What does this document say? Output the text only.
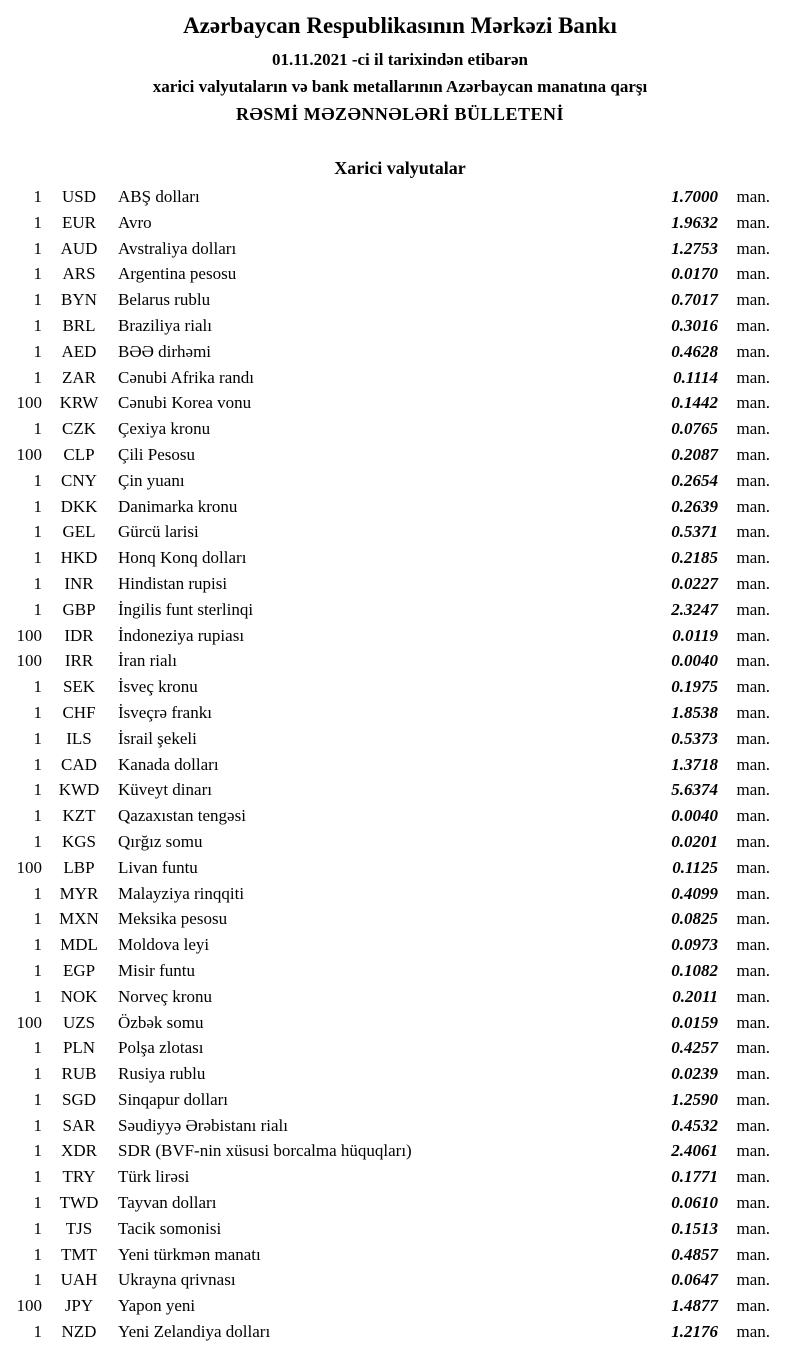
Azərbaycan Respublikasının Mərkəzi Bankı
01.11.2021 -ci il tarixindən etibarən
xarici valyutaların və bank metallarının Azərbaycan manatına qarşı
RƏSMİ MƏZƏNNƏLƏRİ BÜLLETENİ
Xarici valyutalar
1	USD	ABŞ dolları	1.7000	man.
1	EUR	Avro	1.9632	man.
1	AUD	Avstraliya dolları	1.2753	man.
1	ARS	Argentina pesosu	0.0170	man.
1	BYN	Belarus rublu	0.7017	man.
1	BRL	Braziliya rialı	0.3016	man.
1	AED	BƏƏ dirhəmi	0.4628	man.
1	ZAR	Cənubi Afrika randı	0.1114	man.
100	KRW	Cənubi Korea vonu	0.1442	man.
1	CZK	Çexiya kronu	0.0765	man.
100	CLP	Çili Pesosu	0.2087	man.
1	CNY	Çin yuanı	0.2654	man.
1	DKK	Danimarka kronu	0.2639	man.
1	GEL	Gürcü larisi	0.5371	man.
1	HKD	Honq Konq dolları	0.2185	man.
1	INR	Hindistan rupisi	0.0227	man.
1	GBP	İngilis funt sterlinqi	2.3247	man.
100	IDR	İndoneziya rupiası	0.0119	man.
100	IRR	İran rialı	0.0040	man.
1	SEK	İsveç kronu	0.1975	man.
1	CHF	İsveçrə frankı	1.8538	man.
1	ILS	İsrail şekeli	0.5373	man.
1	CAD	Kanada dolları	1.3718	man.
1 KWD	Küveyt dinarı	5.6374	man.
1	KZT	Qazaxıstan tengəsi	0.0040	man.
1	KGS	Qırğız somu	0.0201	man.
100	LBP	Livan funtu	0.1125	man.
1	MYR	Malayziya rinqqiti	0.4099	man.
1	MXN	Meksika pesosu	0.0825	man.
1	MDL	Moldova leyi	0.0973	man.
1	EGP	Misir funtu	0.1082	man.
1	NOK	Norveç kronu	0.2011	man.
100	UZS	Özbək somu	0.0159	man.
1	PLN	Polşa zlotası	0.4257	man.
1	RUB	Rusiya rublu	0.0239	man.
1	SGD	Sinqapur dolları	1.2590	man.
1	SAR	Səudiyyə Ərəbistanı rialı	0.4532	man.
1	XDR	SDR (BVF-nin xüsusi borcalma hüquqları)	2.4061	man.
1	TRY	Türk lirəsi	0.1771	man.
1	TWD	Tayvan dolları	0.0610	man.
1	TJS	Tacik somonisi	0.1513	man.
1	TMT	Yeni türkmən manatı	0.4857	man.
1	UAH	Ukrayna qrivnası	0.0647	man.
100	JPY	Yapon yeni	1.4877	man.
1	NZD	Yeni Zelandiya dolları	1.2176	man.
